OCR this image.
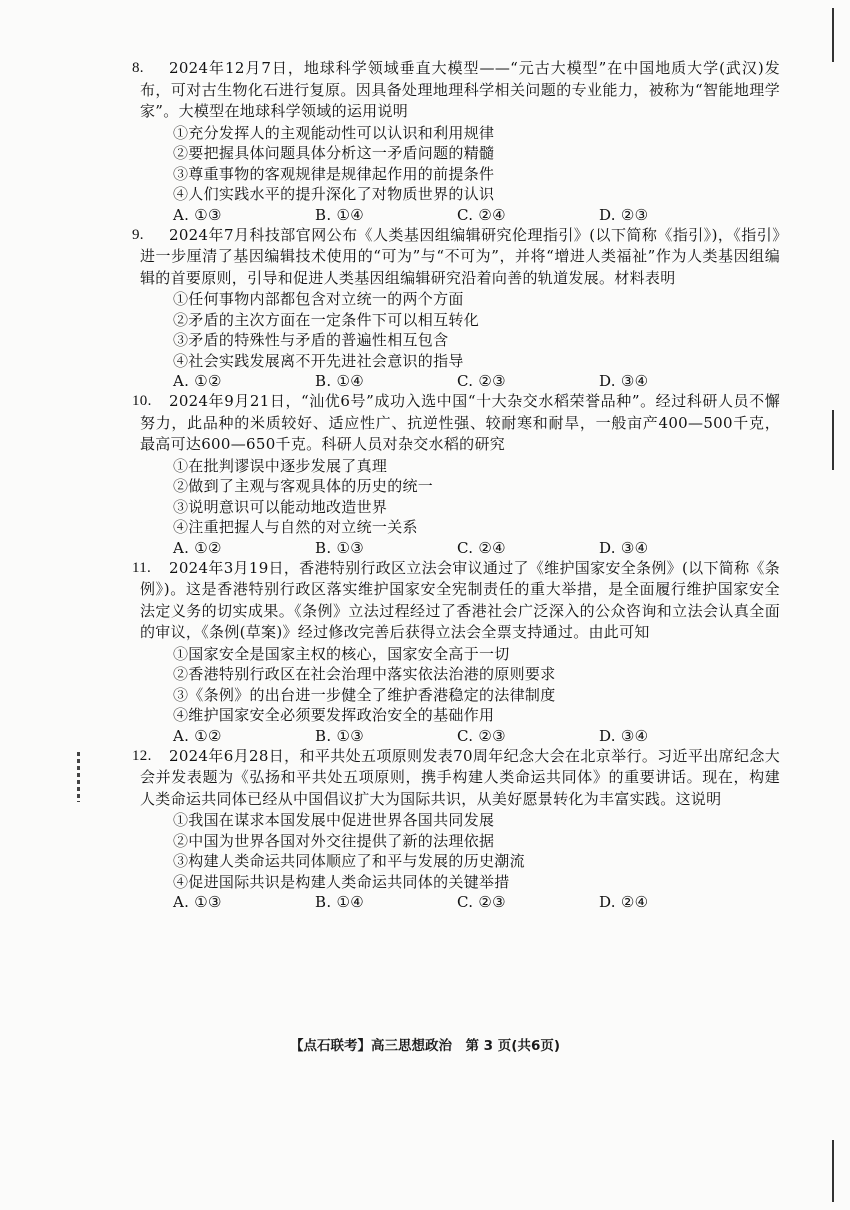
8.	2024年12月7日，地球科学领域垂直大模型——“元古大模型”在中国地质大学(武汉)发布，可对古生物化石进行复原。因具备处理地理科学相关问题的专业能力，被称为“智能地理学家”。大模型在地球科学领域的运用说明
①充分发挥人的主观能动性可以认识和利用规律
②要把握具体问题具体分析这一矛盾问题的精髓
③尊重事物的客观规律是规律起作用的前提条件
④人们实践水平的提升深化了对物质世界的认识
A. ①③	B. ①④	C. ②④	D. ②③
9.	2024年7月科技部官网公布《人类基因组编辑研究伦理指引》(以下简称《指引》)，《指引》进一步厘清了基因编辑技术使用的“可为”与“不可为”，并将“增进人类福祉”作为人类基因组编辑的首要原则，引导和促进人类基因组编辑研究沿着向善的轨道发展。材料表明
①任何事物内部都包含对立统一的两个方面
②矛盾的主次方面在一定条件下可以相互转化
③矛盾的特殊性与矛盾的普遍性相互包含
④社会实践发展离不开先进社会意识的指导
A. ①②	B. ①④	C. ②③	D. ③④
10.	2024年9月21日，“汕优6号”成功入选中国“十大杂交水稻荣誉品种”。经过科研人员不懈努力，此品种的米质较好、适应性广、抗逆性强、较耐寒和耐旱，一般亩产400—500千克，最高可达600—650千克。科研人员对杂交水稻的研究
①在批判谬误中逐步发展了真理
②做到了主观与客观具体的历史的统一
③说明意识可以能动地改造世界
④注重把握人与自然的对立统一关系
A. ①②	B. ①③	C. ②④	D. ③④
11.	2024年3月19日，香港特别行政区立法会审议通过了《维护国家安全条例》(以下简称《条例》)。这是香港特别行政区落实维护国家安全宪制责任的重大举措，是全面履行维护国家安全法定义务的切实成果。《条例》立法过程经过了香港社会广泛深入的公众咨询和立法会认真全面的审议，《条例(草案)》经过修改完善后获得立法会全票支持通过。由此可知
①国家安全是国家主权的核心，国家安全高于一切
②香港特别行政区在社会治理中落实依法治港的原则要求
③《条例》的出台进一步健全了维护香港稳定的法律制度
④维护国家安全必须要发挥政治安全的基础作用
A. ①②	B. ①③	C. ②③	D. ③④
12.	2024年6月28日，和平共处五项原则发表70周年纪念大会在北京举行。习近平出席纪念大会并发表题为《弘扬和平共处五项原则，携手构建人类命运共同体》的重要讲话。现在，构建人类命运共同体已经从中国倡议扩大为国际共识，从美好愿景转化为丰富实践。这说明
①我国在谋求本国发展中促进世界各国共同发展
②中国为世界各国对外交往提供了新的法理依据
③构建人类命运共同体顺应了和平与发展的历史潮流
④促进国际共识是构建人类命运共同体的关键举措
A. ①③	B. ①④	C. ②③	D. ②④
【点石联考】高三思想政治　第 3 页(共6页)
